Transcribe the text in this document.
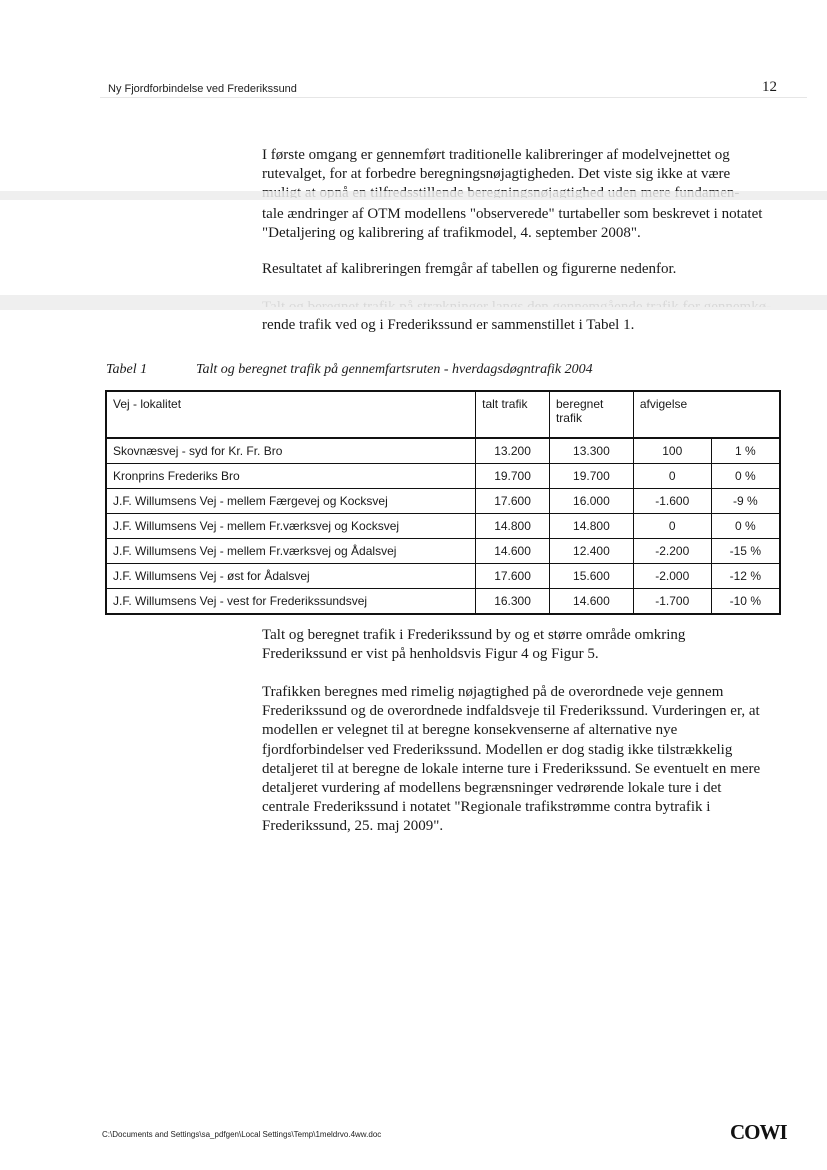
Ny Fjordforbindelse ved Frederikssund	12

I første omgang er gennemført traditionelle kalibreringer af modelvejnettet og rutevalget, for at forbedre beregningsnøjagtigheden. Det viste sig ikke at være

tale ændringer af OTM modellens "observerede" turtabeller som beskrevet i notatet "Detaljering og kalibrering af trafikmodel, 4. september 2008".

Resultatet af kalibreringen fremgår af tabellen og figurerne nedenfor.

rende trafik ved og i Frederikssund er sammenstillet i Tabel 1.

Tabel 1	Talt og beregnet trafik på gennemfartsruten - hverdagsdøgntrafik 2004
Vej - lokalitet	talt trafik	beregnet trafik	afvigelse	
Skovnæsvej - syd for Kr. Fr. Bro	13.200	13.300	100	1 %
Kronprins Frederiks Bro	19.700	19.700	0	0 %
J.F. Willumsens Vej - mellem Færgevej og Kocksvej	17.600	16.000	-1.600	-9 %
J.F. Willumsens Vej - mellem Fr.værksvej og Kocksvej	14.800	14.800	0	0 %
J.F. Willumsens Vej - mellem Fr.værksvej og Ådalsvej	14.600	12.400	-2.200	-15 %
J.F. Willumsens Vej - øst for Ådalsvej	17.600	15.600	-2.000	-12 %
J.F. Willumsens Vej - vest for Frederikssundsvej	16.300	14.600	-1.700	-10 %

Talt og beregnet trafik i Frederikssund by og et større område omkring Frederikssund er vist på henholdsvis Figur 4 og Figur 5.

Trafikken beregnes med rimelig nøjagtighed på de overordnede veje gennem Frederikssund og de overordnede indfaldsveje til Frederikssund. Vurderingen er, at modellen er velegnet til at beregne konsekvenserne af alternative nye fjordforbindelser ved Frederikssund. Modellen er dog stadig ikke tilstrækkelig detaljeret til at beregne de lokale interne ture i Frederikssund. Se eventuelt en mere detaljeret vurdering af modellens begrænsninger vedrørende lokale ture i det centrale Frederikssund i notatet "Regionale trafikstrømme contra bytrafik i Frederikssund, 25. maj 2009".

C:\Documents and Settings\sa_pdfgen\Local Settings\Temp\1meldrvo.4ww.doc	COWI
